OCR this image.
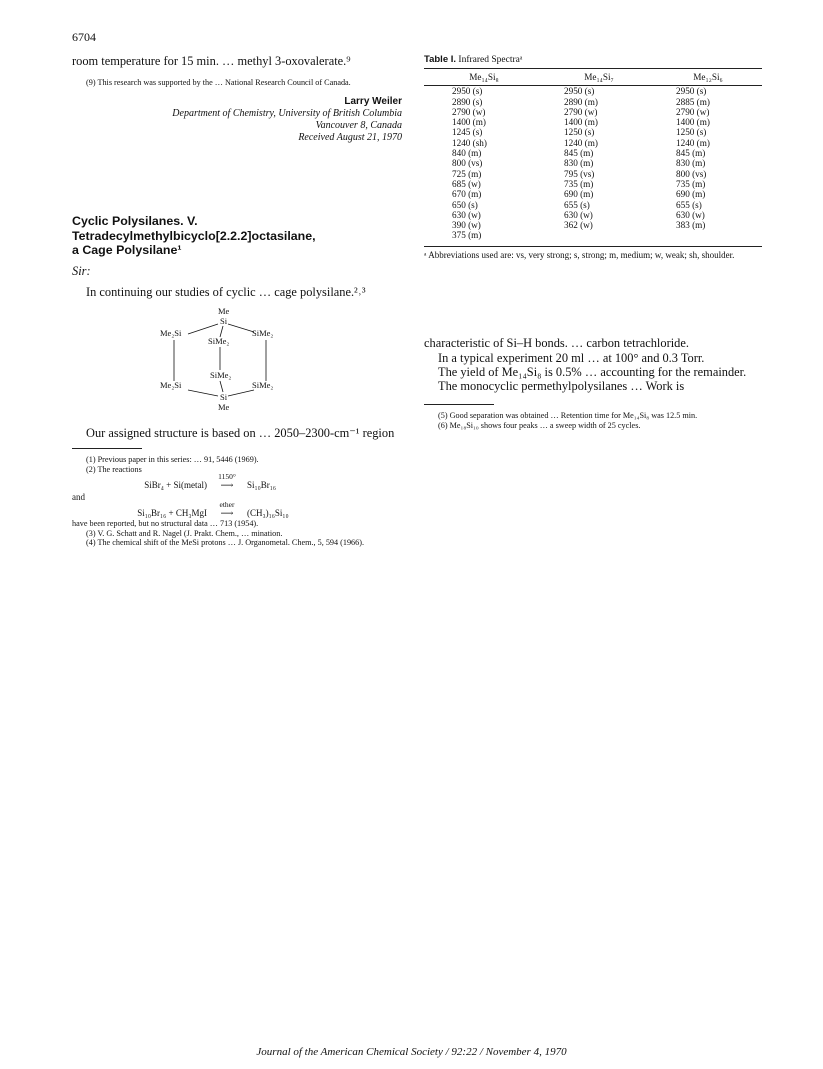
6704

room temperature for 15 min. … methyl 3-oxovalerate.⁹

(9) This research was supported by the … National Research Council of Canada.

Larry Weiler
Department of Chemistry, University of British Columbia
Vancouver 8, Canada
Received August 21, 1970
Cyclic Polysilanes. V.
Tetradecylmethylbicyclo[2.2.2]octasilane,
a Cage Polysilane¹
Sir:

In continuing our studies of cyclic … cage polysilane.²˒³

Me
Si
Me₂Si	SiMe₂
SiMe₂
SiMe₂
Me₂Si	SiMe₂
Si
Me

Our assigned structure is based on … 2050–2300-cm⁻¹ region

(1) Previous paper in this series: … 91, 5446 (1969).

(2) The reactions

SiBr₄ + Si(metal)
1150°
⟶	Si₁₀Br₁₆
and
Si₁₀Br₁₆ + CH₃MgI
ether
⟶	(CH₃)₁₆Si₁₀

have been reported, but no structural data … 713 (1954).

(3) V. G. Schatt and R. Nagel (J. Prakt. Chem., … mination.

(4) The chemical shift of the MeSi protons … J. Organometal. Chem., 5, 594 (1966).

Table I. Infrared Spectraᵃ
Me₁₄Si₈	Me₁₄Si₇	Me₁₂Si₆
2950 (s)	2950 (s)	2950 (s)
2890 (s)	2890 (m)	2885 (m)
2790 (w)	2790 (w)	2790 (w)
1400 (m)	1400 (m)	1400 (m)
1245 (s)	1250 (s)	1250 (s)
1240 (sh)	1240 (m)	1240 (m)
840 (m)	845 (m)	845 (m)
800 (vs)	830 (m)	830 (m)
725 (m)	795 (vs)	800 (vs)
685 (w)	735 (m)	735 (m)
670 (m)	690 (m)	690 (m)
650 (s)	655 (s)	655 (s)
630 (w)	630 (w)	630 (w)
390 (w)	362 (w)	383 (m)
375 (m)		
ᵃ Abbreviations used are: vs, very strong; s, strong; m, medium; w, weak; sh, shoulder.

characteristic of Si–H bonds. … carbon tetrachloride.

In a typical experiment 20 ml … at 100° and 0.3 Torr.

The yield of Me₁₄Si₈ is 0.5% … accounting for the remainder.

The monocyclic permethylpolysilanes … Work is

(5) Good separation was obtained … Retention time for Me₁₄Si₈ was 12.5 min.

(6) Me₁₈Si₁₀ shows four peaks … a sweep width of 25 cycles.

Journal of the American Chemical Society / 92:22 / November 4, 1970
